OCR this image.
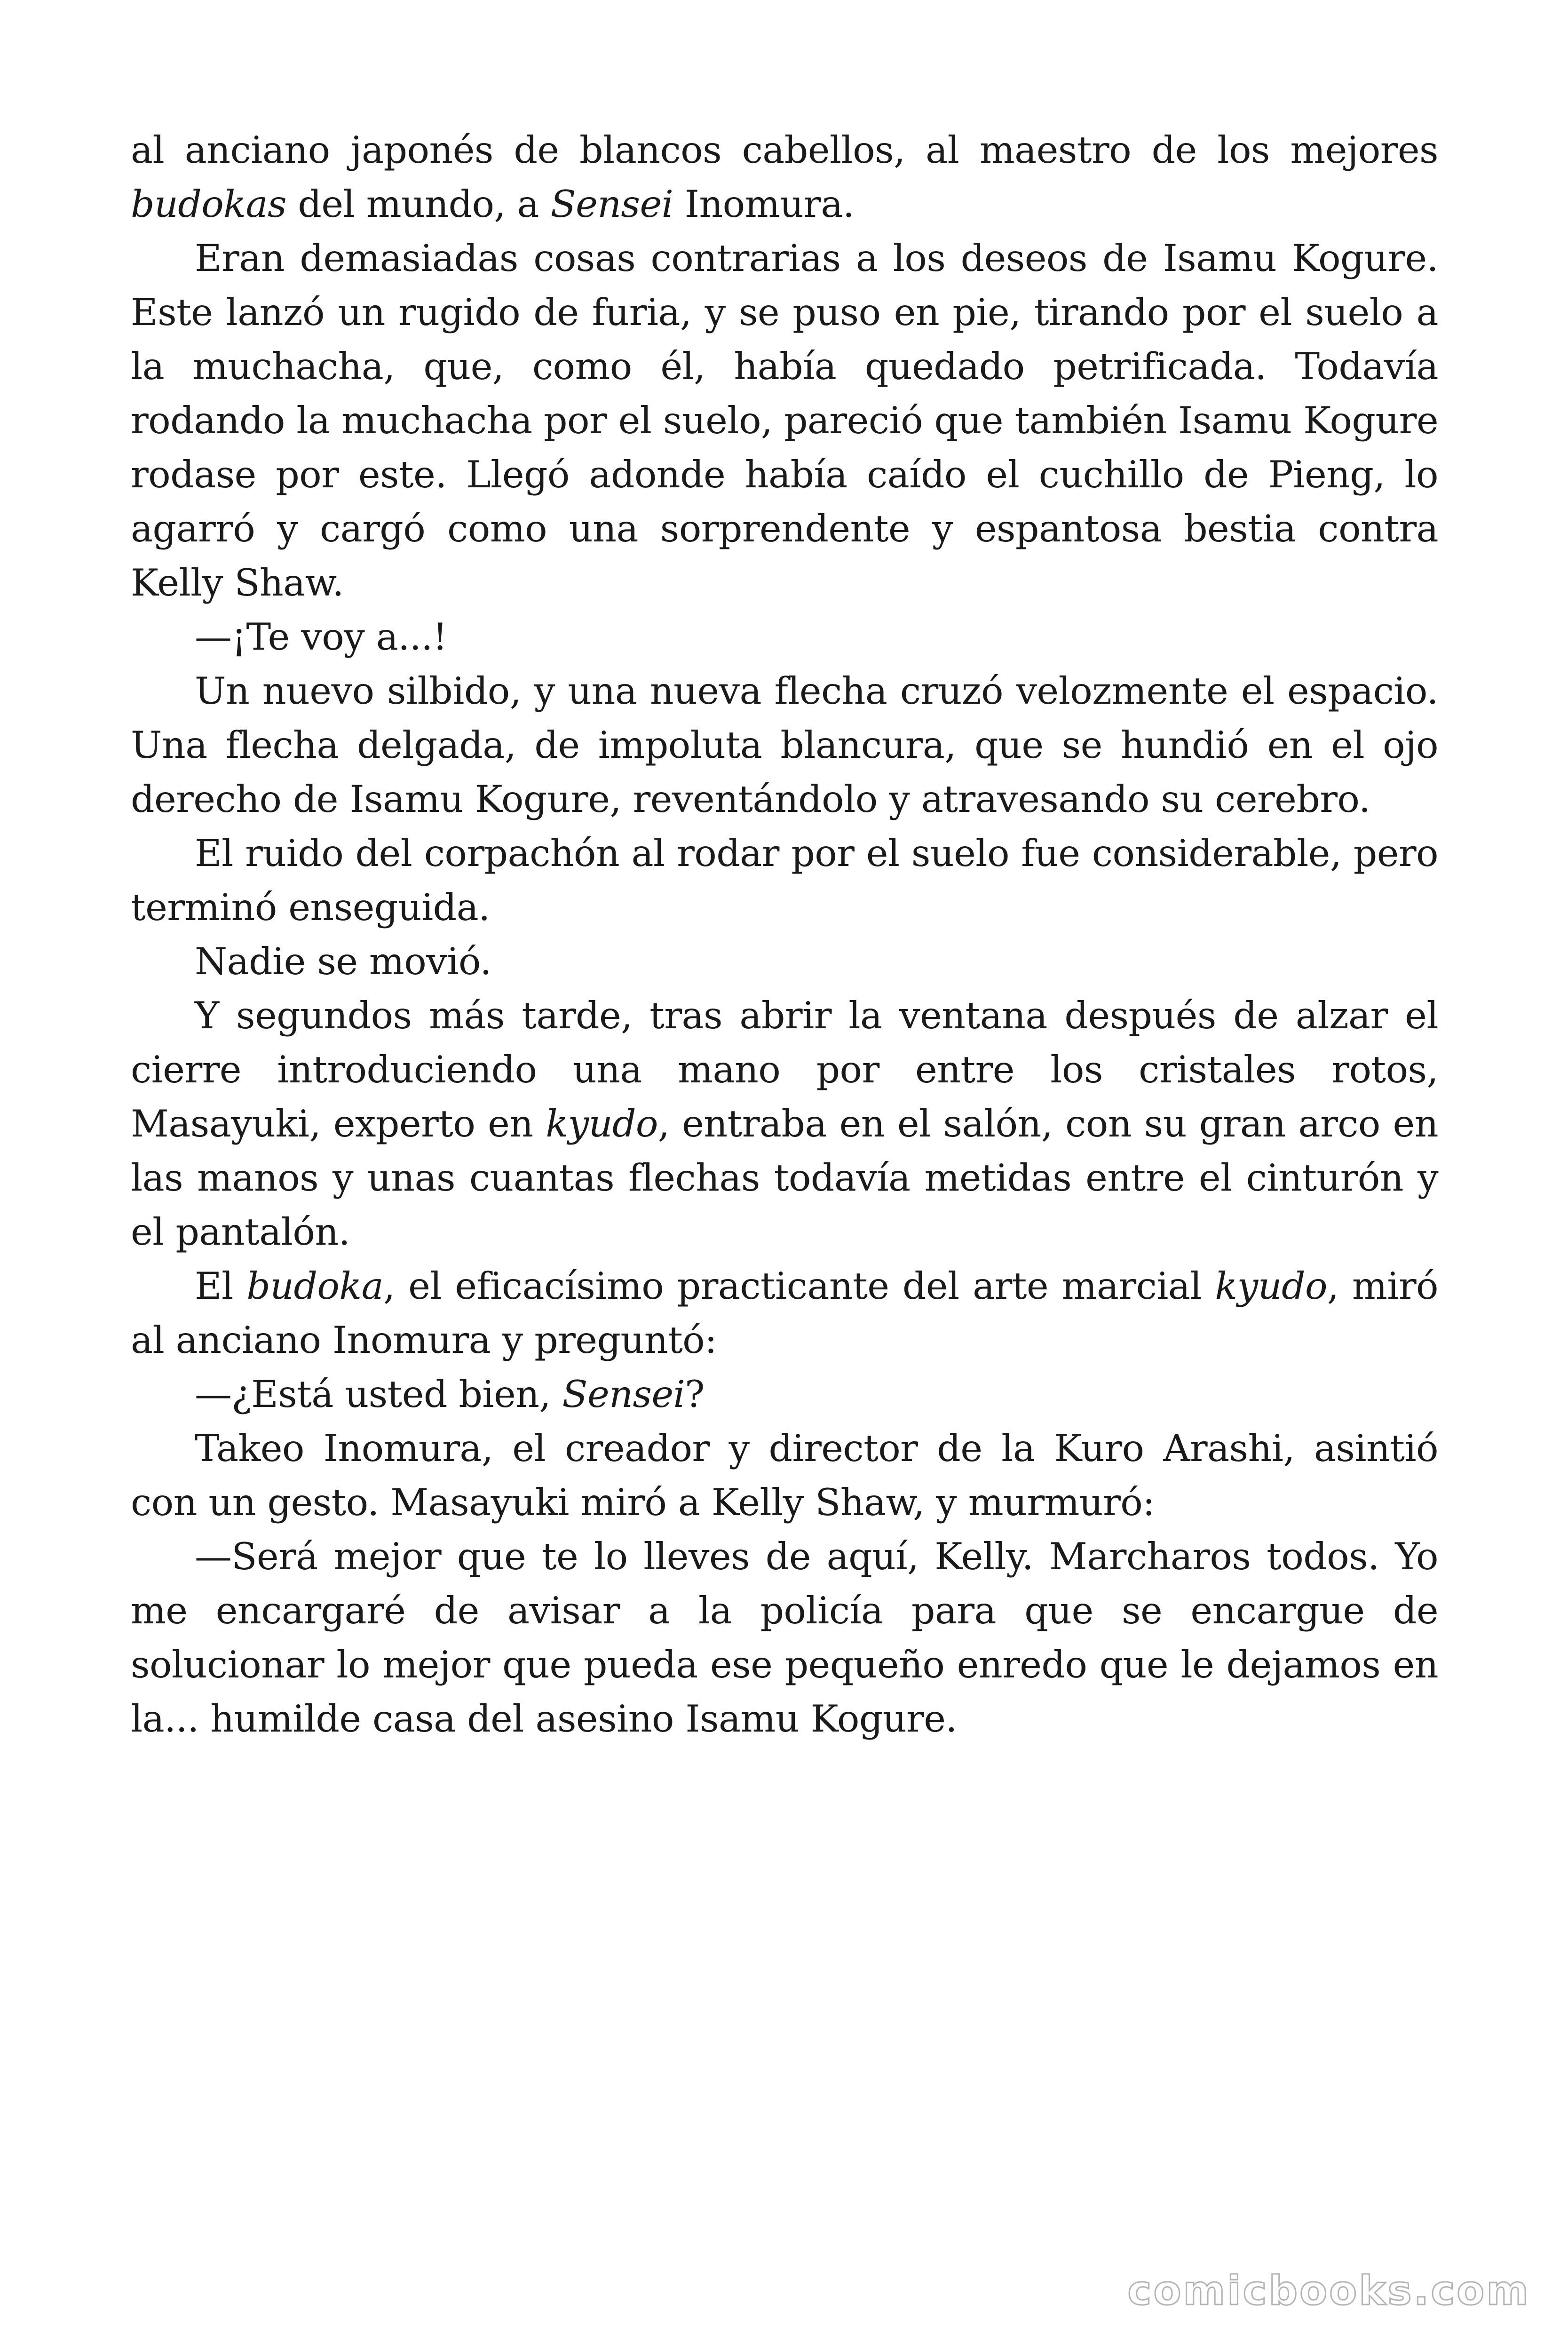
al anciano japonés de blancos cabellos, al maestro de los mejores budokas del mundo, a Sensei Inomura.

Eran demasiadas cosas contrarias a los deseos de Isamu Kogure. Este lanzó un rugido de furia, y se puso en pie, tirando por el suelo a la muchacha, que, como él, había quedado petrificada. Todavía rodando la muchacha por el suelo, pareció que también Isamu Kogure rodase por este. Llegó adonde había caído el cuchillo de Pieng, lo agarró y cargó como una sorprendente y espantosa bestia contra Kelly Shaw.

—¡Te voy a...!

Un nuevo silbido, y una nueva flecha cruzó velozmente el espacio. Una flecha delgada, de impoluta blancura, que se hundió en el ojo derecho de Isamu Kogure, reventándolo y atravesando su cerebro.

El ruido del corpachón al rodar por el suelo fue considerable, pero terminó enseguida.

Nadie se movió.

Y segundos más tarde, tras abrir la ventana después de alzar el cierre introduciendo una mano por entre los cristales rotos, Masayuki, experto en kyudo, entraba en el salón, con su gran arco en las manos y unas cuantas flechas todavía metidas entre el cinturón y el pantalón.

El budoka, el eficacísimo practicante del arte marcial kyudo, miró al anciano Inomura y preguntó:

—¿Está usted bien, Sensei?

Takeo Inomura, el creador y director de la Kuro Arashi, asintió con un gesto. Masayuki miró a Kelly Shaw, y murmuró:

—Será mejor que te lo lleves de aquí, Kelly. Marcharos todos. Yo me encargaré de avisar a la policía para que se encargue de solucionar lo mejor que pueda ese pequeño enredo que le dejamos en la... humilde casa del asesino Isamu Kogure.

comicbooks.com
